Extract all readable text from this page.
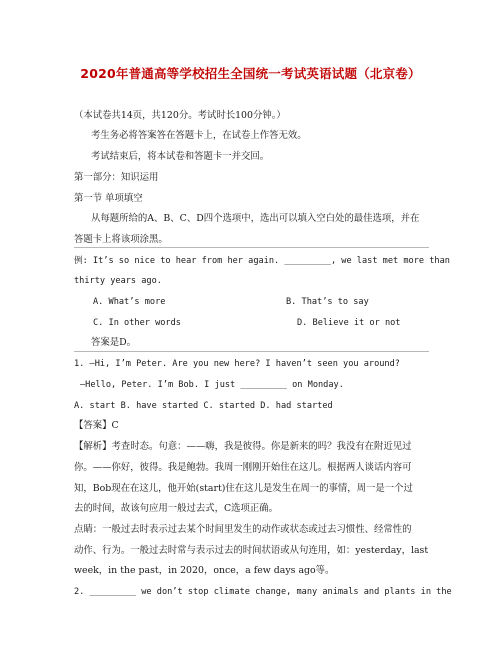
2020年普通高等学校招生全国统一考试英语试题（北京卷）
（本试卷共14页，共120分。考试时长100分钟。）
考生务必将答案答在答题卡上，在试卷上作答无效。
考试结束后，将本试卷和答题卡一并交回。
第一部分：知识运用
第一节 单项填空
从每题所给的A、B、C、D四个选项中，选出可以填入空白处的最佳选项，并在
答题卡上将该项涂黑。
例: It’s so nice to hear from her again. _________, we last met more than
thirty years ago.
A. What’s more	B. That’s to say
C. In other words	D. Believe it or not
答案是D。
1. —Hi, I’m Peter. Are you new here? I haven’t seen you around?
—Hello, Peter. I’m Bob. I just _________ on Monday.
A. start B. have started C. started D. had started
【答案】C
【解析】考查时态。句意：——嗨，我是彼得。你是新来的吗？我没有在附近见过
你。——你好，彼得。我是鲍勃。我周一刚刚开始住在这儿。根据两人谈话内容可
知，Bob现在在这儿，他开始(start)住在这儿是发生在周一的事情，周一是一个过
去的时间，故该句应用一般过去式，C选项正确。
点睛：一般过去时表示过去某个时间里发生的动作或状态或过去习惯性、经常性的
动作、行为。一般过去时常与表示过去的时间状语或从句连用，如：yesterday，last
week，in the past，in 2020，once，a few days ago等。
2. _________ we don’t stop climate change, many animals and plants in the
